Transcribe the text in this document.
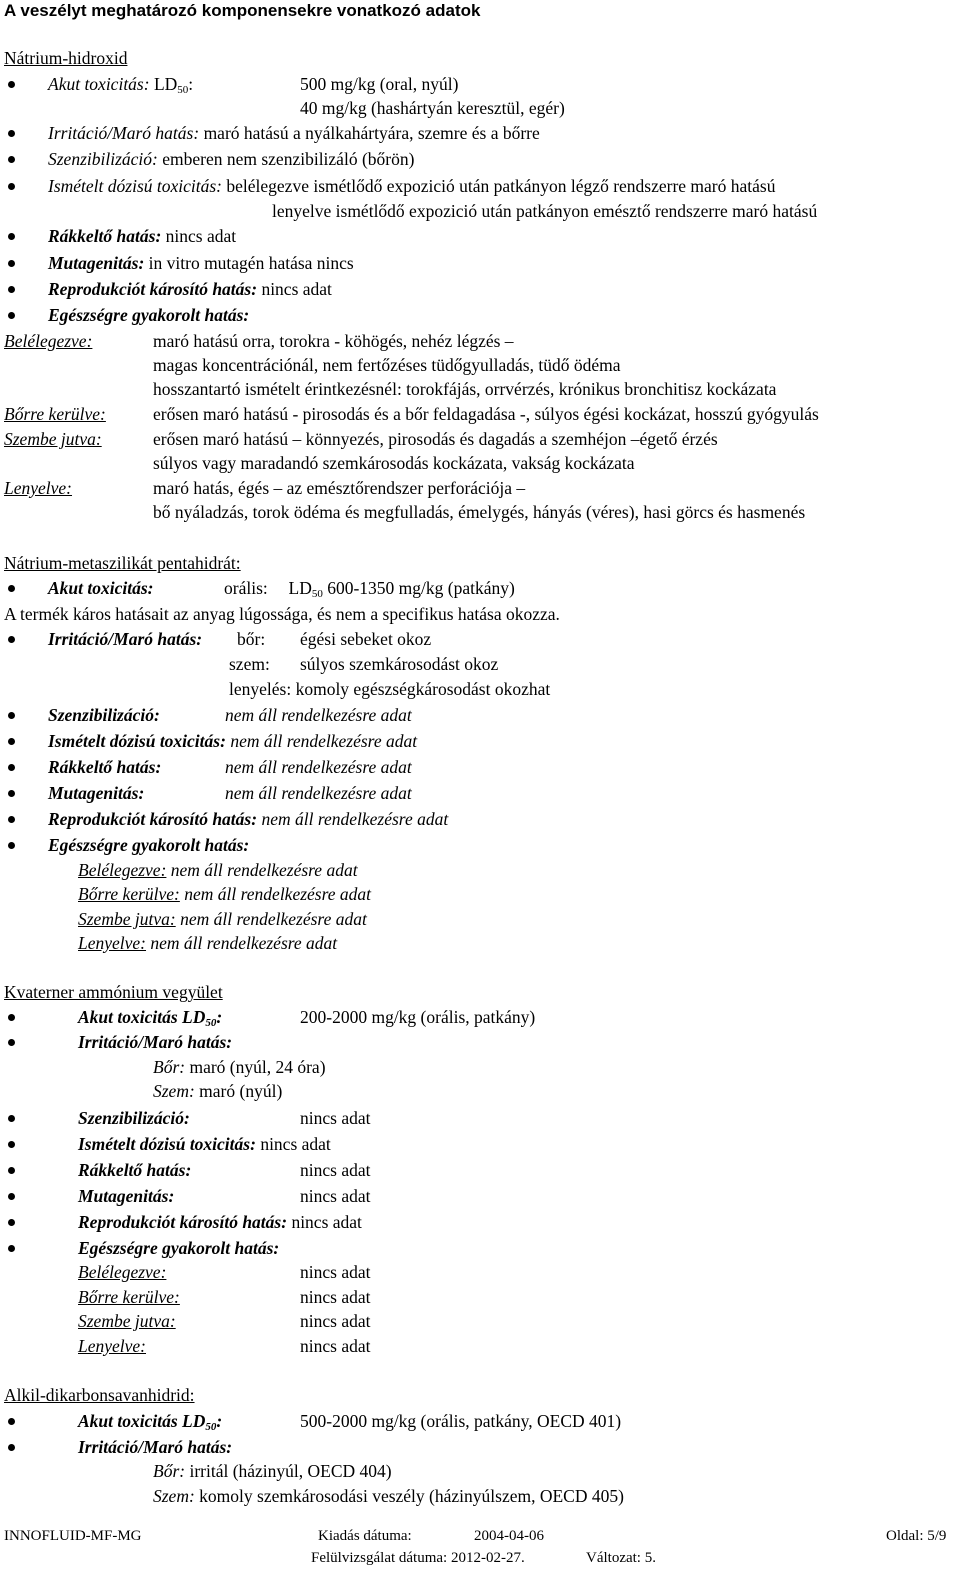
A veszélyt meghatározó komponensekre vonatkozó adatok
Nátrium-hidroxid
Akut toxicitás: $LD_{50}$:	500 mg/kg (oral, nyúl)
40 mg/kg (hashártyán keresztül, egér)
Irritáció/Maró hatás: maró hatású a nyálkahártyára, szemre és a bőrre
Szenzibilizáció: emberen nem szenzibilizáló (bőrön)
Ismételt dózisú toxicitás: belélegezve ismétlődő expozició után patkányon légző rendszerre maró hatású
lenyelve ismétlődő expozició után patkányon emésztő rendszerre maró hatású
Rákkeltő hatás: nincs adat
Mutagenitás: in vitro mutagén hatása nincs
Reprodukciót károsító hatás: nincs adat
Egészségre gyakorolt hatás:
Belélegezve:	maró hatású orra, torokra - köhögés, nehéz légzés –
magas koncentrációnál, nem fertőzéses tüdőgyulladás, tüdő ödéma
hosszantartó ismételt érintkezésnél: torokfájás, orrvérzés, krónikus bronchitisz kockázata
Bőrre kerülve:	erősen maró hatású - pirosodás és a bőr feldagadása -, súlyos égési kockázat, hosszú gyógyulás
Szembe jutva:	erősen maró hatású – könnyezés, pirosodás és dagadás a szemhéjon –égető érzés
súlyos vagy maradandó szemkárosodás kockázata, vakság kockázata
Lenyelve:	maró hatás, égés – az emésztőrendszer perforációja –
bő nyáladzás, torok ödéma és megfulladás, émelygés, hányás (véres), hasi görcs és hasmenés
Nátrium-metaszilikát pentahidrát:
Akut toxicitás:	orális: $LD_{50}$ 600-1350 mg/kg (patkány)
A termék káros hatásait az anyag lúgossága, és nem a specifikus hatása okozza.
Irritáció/Maró hatás: bőr: égési sebeket okoz
szem: súlyos szemkárosodást okoz
lenyelés: komoly egészségkárosodást okozhat
Szenzibilizáció:	nem áll rendelkezésre adat
Ismételt dózisú toxicitás: nem áll rendelkezésre adat
Rákkeltő hatás:	nem áll rendelkezésre adat
Mutagenitás:	nem áll rendelkezésre adat
Reprodukciót károsító hatás: nem áll rendelkezésre adat
Egészségre gyakorolt hatás:
Belélegezve: nem áll rendelkezésre adat
Bőrre kerülve: nem áll rendelkezésre adat
Szembe jutva: nem áll rendelkezésre adat
Lenyelve: nem áll rendelkezésre adat
Kvaterner ammónium vegyület
Akut toxicitás $LD_{50}$:	200-2000 mg/kg (orális, patkány)
Irritáció/Maró hatás:
Bőr: maró (nyúl, 24 óra)
Szem: maró (nyúl)
Szenzibilizáció:	nincs adat
Ismételt dózisú toxicitás: nincs adat
Rákkeltő hatás:	nincs adat
Mutagenitás:	nincs adat
Reprodukciót károsító hatás: nincs adat
Egészségre gyakorolt hatás:
Belélegezve:	nincs adat
Bőrre kerülve:	nincs adat
Szembe jutva:	nincs adat
Lenyelve:	nincs adat
Alkil-dikarbonsavanhidrid:
Akut toxicitás $LD_{50}$:	500-2000 mg/kg (orális, patkány, OECD 401)
Irritáció/Maró hatás:
Bőr: irritál (házinyúl, OECD 404)
Szem: komoly szemkárosodási veszély (házinyúlszem, OECD 405)
INNOFLUID-MF-MG	Kiadás dátuma:	2004-04-06	Oldal: 5/9
Felülvizsgálat dátuma: 2012-02-27.	Változat: 5.
